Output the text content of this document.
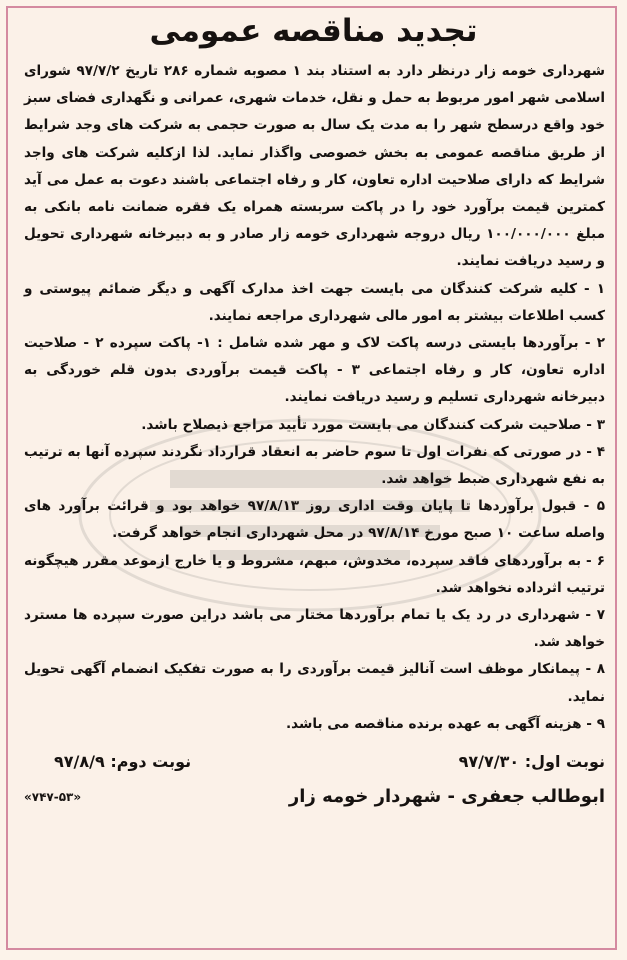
تجدید مناقصه عمومی

شهرداری خومه زار درنظر دارد به استناد بند ۱ مصوبه شماره ۲۸۶ تاریخ ۹۷/۷/۲ شورای اسلامی شهر امور مربوط به حمل و نقل، خدمات شهری، عمرانی و نگهداری فضای سبز خود واقع درسطح شهر را به مدت یک سال به صورت حجمی به شرکت های وجد شرایط از طریق مناقصه عمومی به بخش خصوصی واگذار نماید. لذا ازکلیه شرکت های واجد شرایط که دارای صلاحیت اداره تعاون، کار و رفاه اجتماعی باشند دعوت به عمل می آید کمترین قیمت برآورد خود را در پاکت سربسته همراه یک فقره ضمانت نامه بانکی به مبلغ ۱۰۰/۰۰۰/۰۰۰ ریال دروجه شهرداری خومه زار صادر و به دبیرخانه شهرداری تحویل و رسید دریافت نمایند.

۱ - کلیه شرکت کنندگان می بایست جهت اخذ مدارک آگهی و دیگر ضمائم پیوستی و کسب اطلاعات بیشتر به امور مالی شهرداری مراجعه نمایند.

۲ - برآوردها بایستی درسه پاکت لاک و مهر شده شامل : ۱- پاکت سپرده ۲ - صلاحیت اداره تعاون، کار و رفاه اجتماعی ۳ - پاکت قیمت برآوردی بدون قلم خوردگی به دبیرخانه شهرداری تسلیم و رسید دریافت نمایند.

۳ - صلاحیت شرکت کنندگان می بایست مورد تأیید مراجع ذیصلاح باشد.

۴ - در صورتی که نفرات اول تا سوم حاضر به انعقاد قرارداد نگردند سپرده آنها به ترتیب به نفع شهرداری ضبط خواهد شد.

۵ - قبول برآوردها تا پایان وقت اداری روز ۹۷/۸/۱۳ خواهد بود و قرائت برآورد های واصله ساعت ۱۰ صبح مورخ ۹۷/۸/۱۴ در محل شهرداری انجام خواهد گرفت.

۶ - به برآوردهای فاقد سپرده، مخدوش، مبهم، مشروط و یا خارج ازموعد مقرر هیچگونه ترتیب اثرداده نخواهد شد.

۷ - شهرداری در رد یک یا تمام برآوردها مختار می باشد دراین صورت سپرده ها مسترد خواهد شد.

۸ - پیمانکار موظف است آنالیز قیمت برآوردی را به صورت تفکیک انضمام آگهی تحویل نماید.

۹ - هزینه آگهی به عهده برنده مناقصه می باشد.

نوبت اول: ۹۷/۷/۳۰
نوبت دوم: ۹۷/۸/۹
ابوطالب جعفری - شهردار خومه زار
«۷۴۷-۵۳»
